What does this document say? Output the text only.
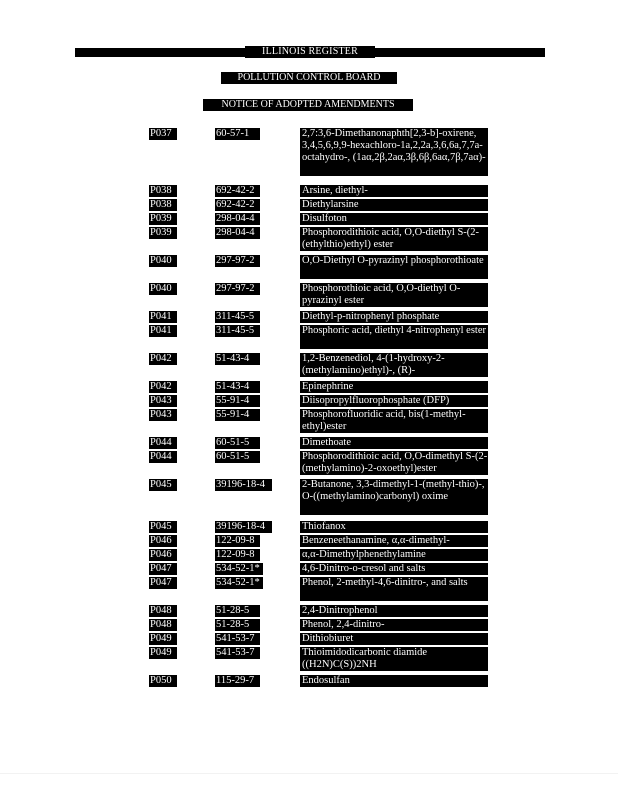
ILLINOIS REGISTER
POLLUTION CONTROL BOARD
NOTICE OF ADOPTED AMENDMENTS
P037	60-57-1	2,7:3,6-Dimethanonaphth[2,3-b]-oxirene, 3,4,5,6,9,9-hexachloro-1a,2,2a,3,6,6a,7,7a-octahydro-, (1aα,2β,2aα,3β,6β,6aα,7β,7aα)-
P038	692-42-2	Arsine, diethyl-
P038	692-42-2	Diethylarsine
P039	298-04-4	Disulfoton
P039	298-04-4	Phosphorodithioic acid, O,O-diethyl S-(2-(ethylthio)ethyl) ester
P040	297-97-2	O,O-Diethyl O-pyrazinyl phosphorothioate
P040	297-97-2	Phosphorothioic acid, O,O-diethyl O-pyrazinyl ester
P041	311-45-5	Diethyl-p-nitrophenyl phosphate
P041	311-45-5	Phosphoric acid, diethyl 4-nitrophenyl ester
P042	51-43-4	1,2-Benzenediol, 4-(1-hydroxy-2-(methylamino)ethyl)-, (R)-
P042	51-43-4	Epinephrine
P043	55-91-4	Diisopropylfluorophosphate (DFP)
P043	55-91-4	Phosphorofluoridic acid, bis(1-methyl-ethyl)ester
P044	60-51-5	Dimethoate
P044	60-51-5	Phosphorodithioic acid, O,O-dimethyl S-(2-(methylamino)-2-oxoethyl)ester
P045	39196-18-4	2-Butanone, 3,3-dimethyl-1-(methyl-thio)-, O-((methylamino)carbonyl) oxime
P045	39196-18-4	Thiofanox
P046	122-09-8	Benzeneethanamine, α,α-dimethyl-
P046	122-09-8	α,α-Dimethylphenethylamine
P047	534-52-1*	4,6-Dinitro-o-cresol and salts
P047	534-52-1*	Phenol, 2-methyl-4,6-dinitro-, and salts
P048	51-28-5	2,4-Dinitrophenol
P048	51-28-5	Phenol, 2,4-dinitro-
P049	541-53-7	Dithiobiuret
P049	541-53-7	Thioimidodicarbonic diamide ((H2N)C(S))2NH
P050	115-29-7	Endosulfan
